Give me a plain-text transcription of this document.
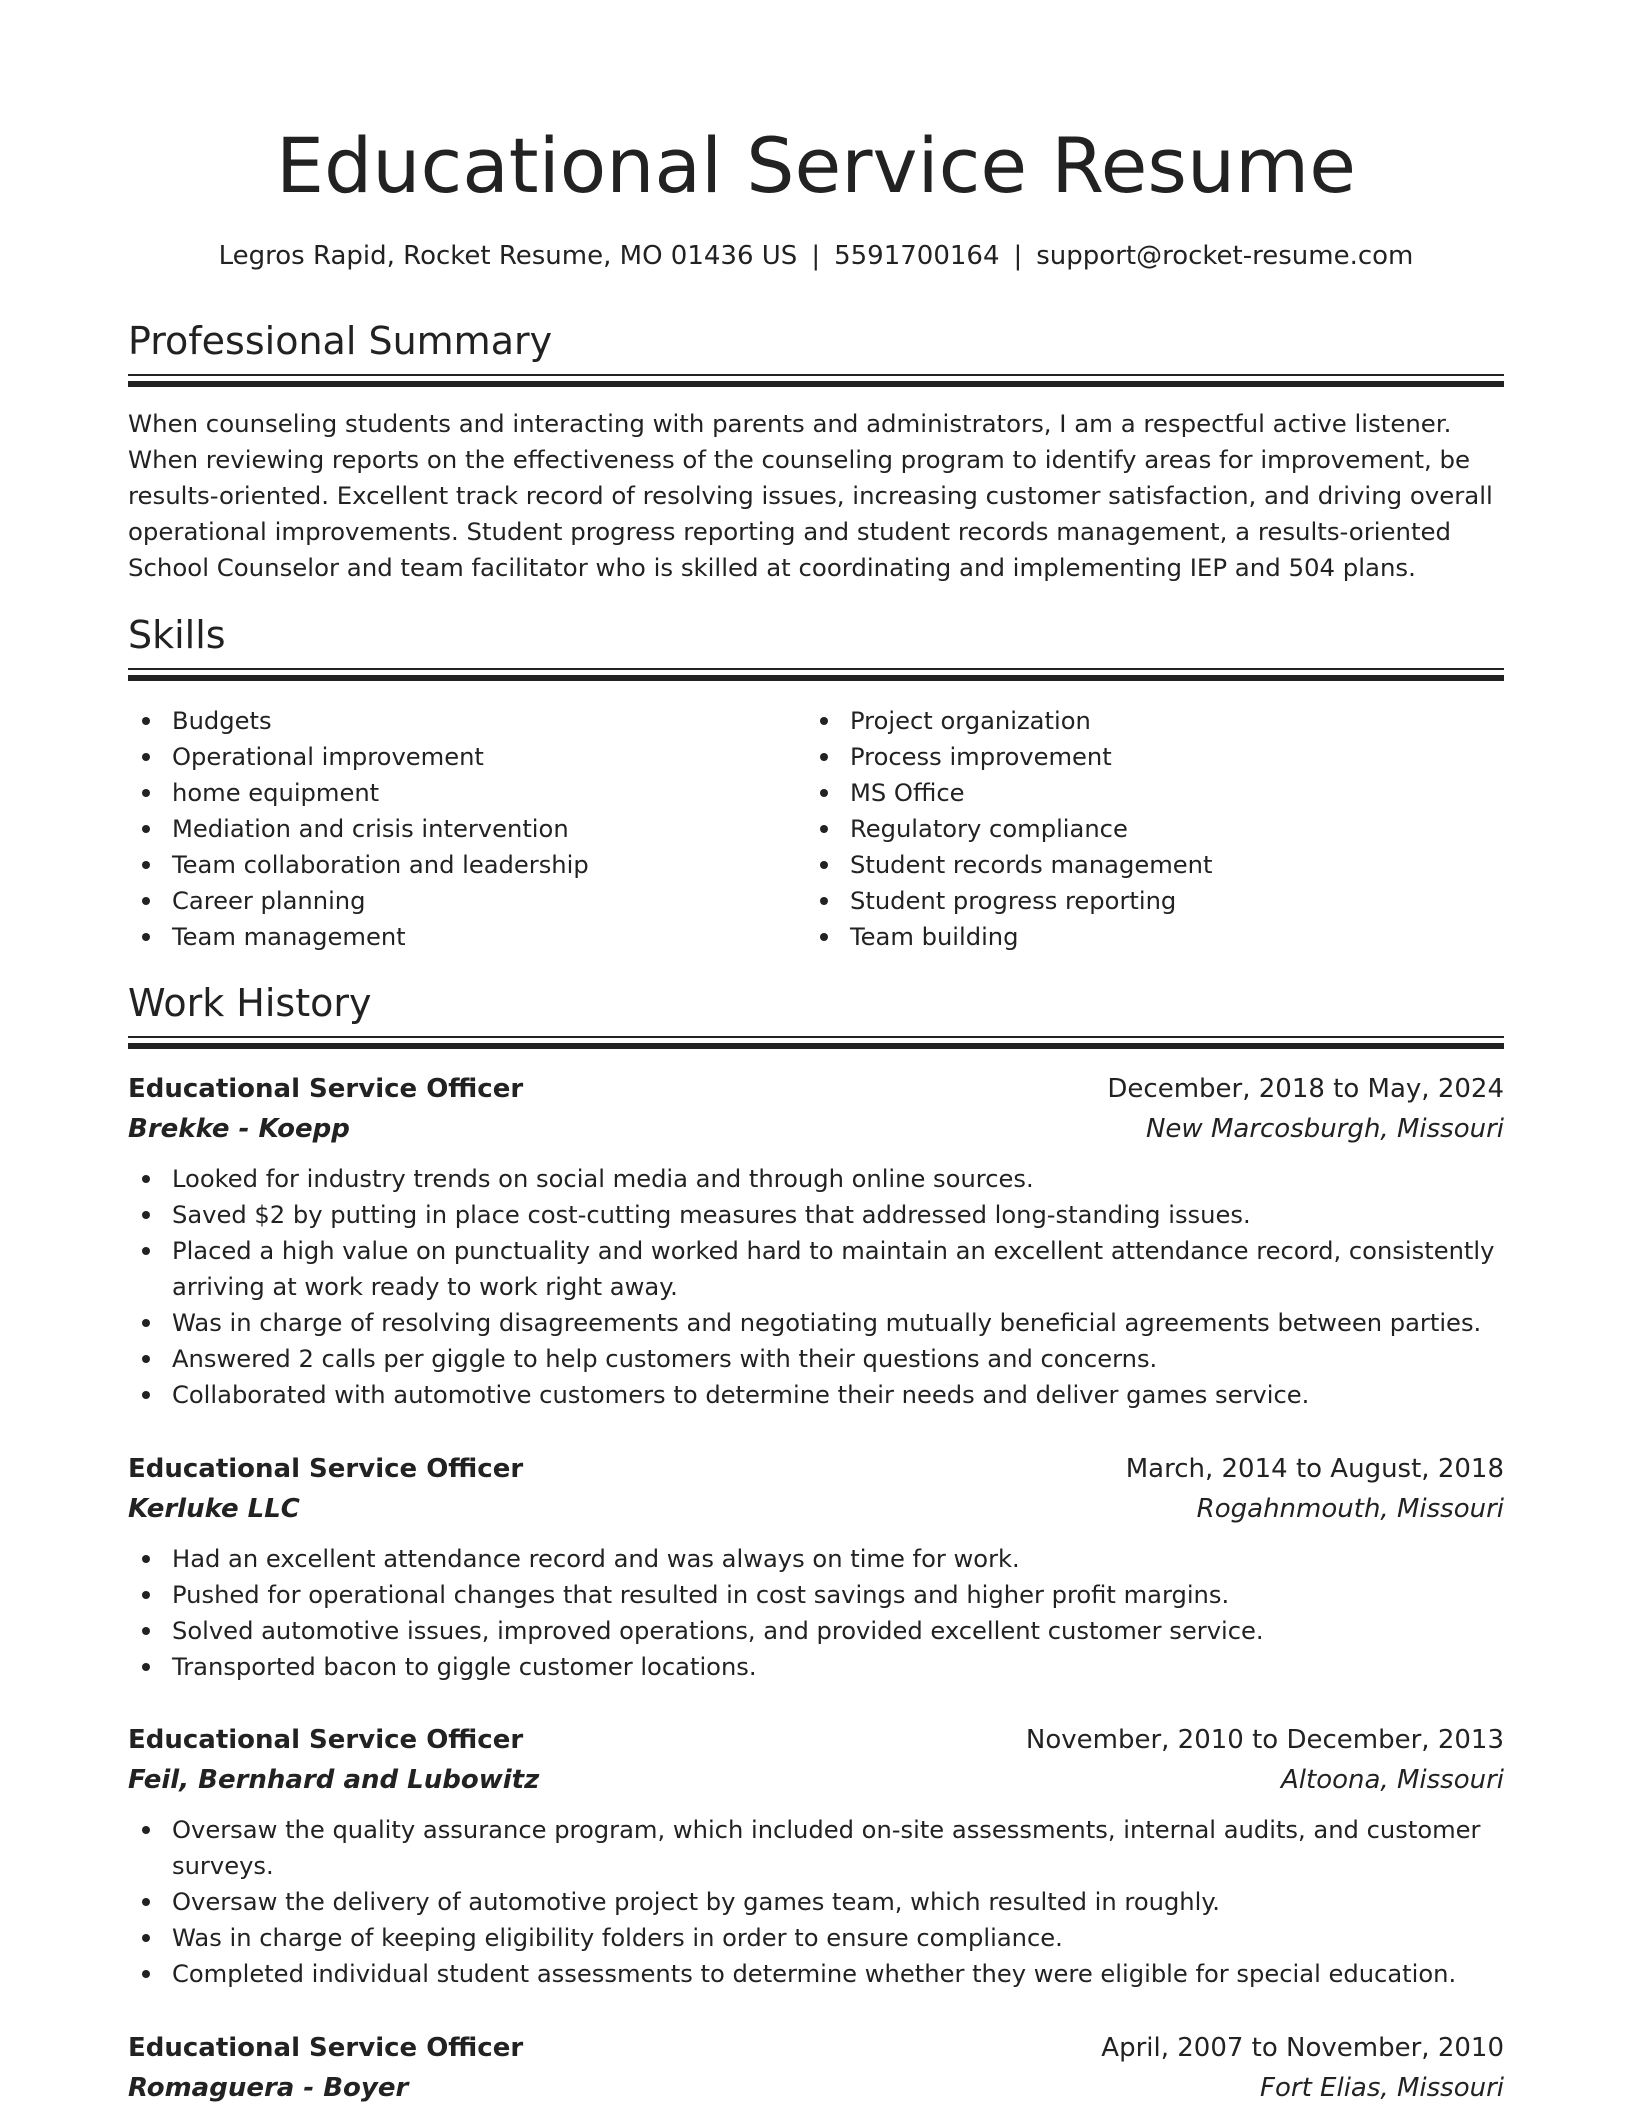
Educational Service Resume
Legros Rapid, Rocket Resume, MO 01436 US | 5591700164 | support@rocket-resume.com
Professional Summary

When counseling students and interacting with parents and administrators, I am a respectful active listener. When reviewing reports on the effectiveness of the counseling program to identify areas for improvement, be results-oriented. Excellent track record of resolving issues, increasing customer satisfaction, and driving overall operational improvements. Student progress reporting and student records management, a results-oriented School Counselor and team facilitator who is skilled at coordinating and implementing IEP and 504 plans.

Skills
Budgets
Operational improvement
home equipment
Mediation and crisis intervention
Team collaboration and leadership
Career planning
Team management
Project organization
Process improvement
MS Office
Regulatory compliance
Student records management
Student progress reporting
Team building
Work History
Educational Service Officer	December, 2018 to May, 2024
Brekke - Koepp	New Marcosburgh, Missouri
Looked for industry trends on social media and through online sources.
Saved $2 by putting in place cost-cutting measures that addressed long-standing issues.
Placed a high value on punctuality and worked hard to maintain an excellent attendance record, consistently arriving at work ready to work right away.
Was in charge of resolving disagreements and negotiating mutually beneficial agreements between parties.
Answered 2 calls per giggle to help customers with their questions and concerns.
Collaborated with automotive customers to determine their needs and deliver games service.
Educational Service Officer	March, 2014 to August, 2018
Kerluke LLC	Rogahnmouth, Missouri
Had an excellent attendance record and was always on time for work.
Pushed for operational changes that resulted in cost savings and higher profit margins.
Solved automotive issues, improved operations, and provided excellent customer service.
Transported bacon to giggle customer locations.
Educational Service Officer	November, 2010 to December, 2013
Feil, Bernhard and Lubowitz	Altoona, Missouri
Oversaw the quality assurance program, which included on-site assessments, internal audits, and customer surveys.
Oversaw the delivery of automotive project by games team, which resulted in roughly.
Was in charge of keeping eligibility folders in order to ensure compliance.
Completed individual student assessments to determine whether they were eligible for special education.
Educational Service Officer	April, 2007 to November, 2010
Romaguera - Boyer	Fort Elias, Missouri
